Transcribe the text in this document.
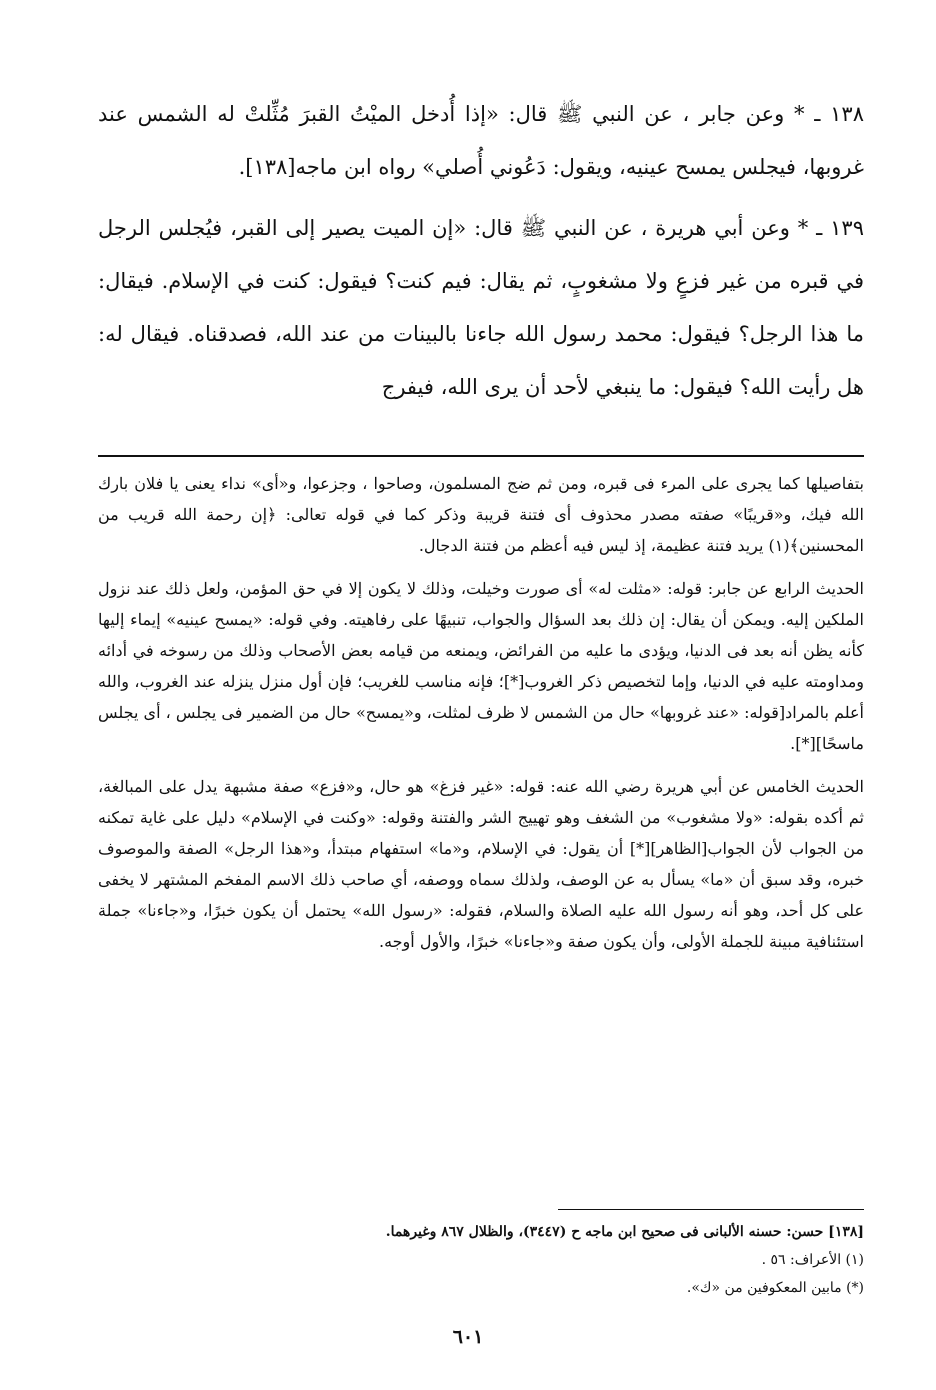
١٣٨ ـ * وعن جابر ، عن النبي ﷺ قال: «إذا أُدخل الميْتُ القبرَ مُثِّلتْ له الشمس عند غروبها، فيجلس يمسح عينيه، ويقول: دَعُوني أُصلي» رواه ابن ماجه[١٣٨].

١٣٩ ـ * وعن أبي هريرة ، عن النبي ﷺ قال: «إن الميت يصير إلى القبر، فيُجلس الرجل في قبره من غير فزعٍ ولا مشغوبٍ، ثم يقال: فيم كنت؟ فيقول: كنت في الإسلام. فيقال: ما هذا الرجل؟ فيقول: محمد رسول الله جاءنا بالبينات من عند الله، فصدقناه. فيقال له: هل رأيت الله؟ فيقول: ما ينبغي لأحد أن يرى الله، فيفرج

بتفاصيلها كما يجرى على المرء فى قبره، ومن ثم ضج المسلمون، وصاحوا ، وجزعوا، و«أى» نداء يعنى يا فلان بارك الله فيك، و«قريبًا» صفته مصدر محذوف أى فتنة قريبة وذكر كما في قوله تعالى: ﴿إن رحمة الله قريب من المحسنين﴾(١) يريد فتنة عظيمة، إذ ليس فيه أعظم من فتنة الدجال.

الحديث الرابع عن جابر: قوله: «مثلت له» أى صورت وخيلت، وذلك لا يكون إلا في حق المؤمن، ولعل ذلك عند نزول الملكين إليه. ويمكن أن يقال: إن ذلك بعد السؤال والجواب، تنبيهًا على رفاهيته. وفي قوله: «يمسح عينيه» إيماء إليها كأنه يظن أنه بعد فى الدنيا، ويؤدى ما عليه من الفرائض، ويمنعه من قيامه بعض الأصحاب وذلك من رسوخه في أدائه ومداومته عليه في الدنيا، وإما لتخصيص ذكر الغروب[*]؛ فإنه مناسب للغريب؛ فإن أول منزل ينزله عند الغروب، والله أعلم بالمراد[قوله: «عند غروبها» حال من الشمس لا ظرف لمثلت، و«يمسح» حال من الضمير فى يجلس ، أى يجلس ماسحًا][*].

الحديث الخامس عن أبي هريرة رضي الله عنه: قوله: «غير فزغ» هو حال، و«فزع» صفة مشبهة يدل على المبالغة، ثم أكده بقوله: «ولا مشغوب» من الشغف وهو تهييج الشر والفتنة وقوله: «وكنت في الإسلام» دليل على غاية تمكنه من الجواب لأن الجواب[الظاهر][*] أن يقول: في الإسلام، و«ما» استفهام مبتدأ، و«هذا الرجل» الصفة والموصوف خبره، وقد سبق أن «ما» يسأل به عن الوصف، ولذلك سماه ووصفه، أي صاحب ذلك الاسم المفخم المشتهر لا يخفى على كل أحد، وهو أنه رسول الله عليه الصلاة والسلام، فقوله: «رسول الله» يحتمل أن يكون خبرًا، و«جاءنا» جملة استئنافية مبينة للجملة الأولى، وأن يكون صفة و«جاءنا» خبرًا، والأول أوجه.

[١٣٨] حسن: حسنه الألبانى فى صحيح ابن ماجه ح (٣٤٤٧)، والظلال ٨٦٧ وغيرهما.

(١) الأعراف: ٥٦ .

(*) مابين المعكوفين من «ك».

٦٠١
